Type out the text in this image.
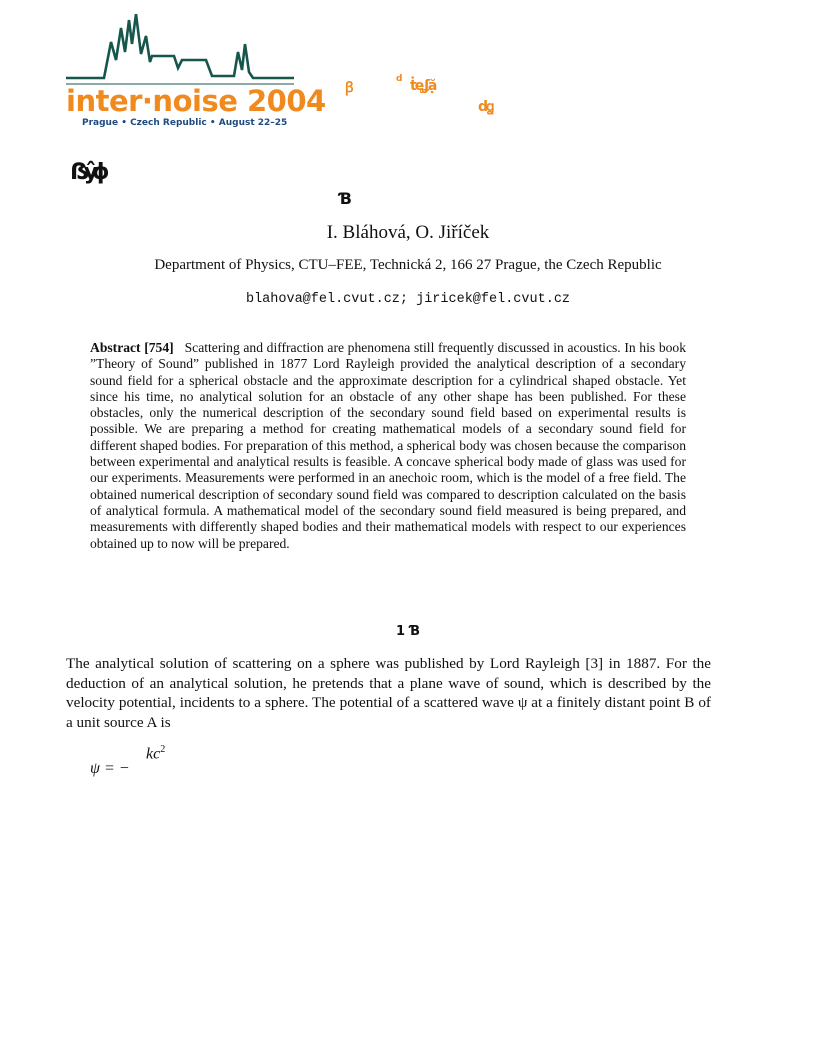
inter·noise 2004
Prague • Czech Republic • August 22–25
ꞵ
d ṫęʆặ
dꬶ
ẞŷɸ
Ɓ
I. Bláhová, O. Jiříček
Department of Physics, CTU–FEE, Technická 2, 166 27 Prague, the Czech Republic
blahova@fel.cvut.cz; jiricek@fel.cvut.cz
Abstract [754] Scattering and diffraction are phenomena still frequently discussed in acoustics. In his book ”Theory of Sound” published in 1877 Lord Rayleigh provided the analytical description of a secondary sound field for a spherical obstacle and the approximate description for a cylindrical shaped obstacle. Yet since his time, no analytical solution for an obstacle of any other shape has been published. For these obstacles, only the numerical description of the secondary sound field based on experimental results is possible. We are preparing a method for creating mathematical models of a secondary sound field for different shaped bodies. For preparation of this method, a spherical body was chosen because the comparison between experimental and analytical results is feasible. A concave spherical body made of glass was used for our experiments. Measurements were performed in an anechoic room, which is the model of a free field. The obtained numerical description of secondary sound field was compared to description calculated on the basis of analytical formula. A mathematical model of the secondary sound field measured is being prepared, and measurements with differently shaped bodies and their mathematical models with respect to our experiences obtained up to now will be prepared.
1 Ɓ
The analytical solution of scattering on a sphere was published by Lord Rayleigh [3] in 1887. For the deduction of an analytical solution, he pretends that a plane wave of sound, which is described by the velocity potential, incidents to a sphere. The potential of a scattered wave ψ at a finitely distant point B of a unit source A is
ψ = −
$kc^2$
